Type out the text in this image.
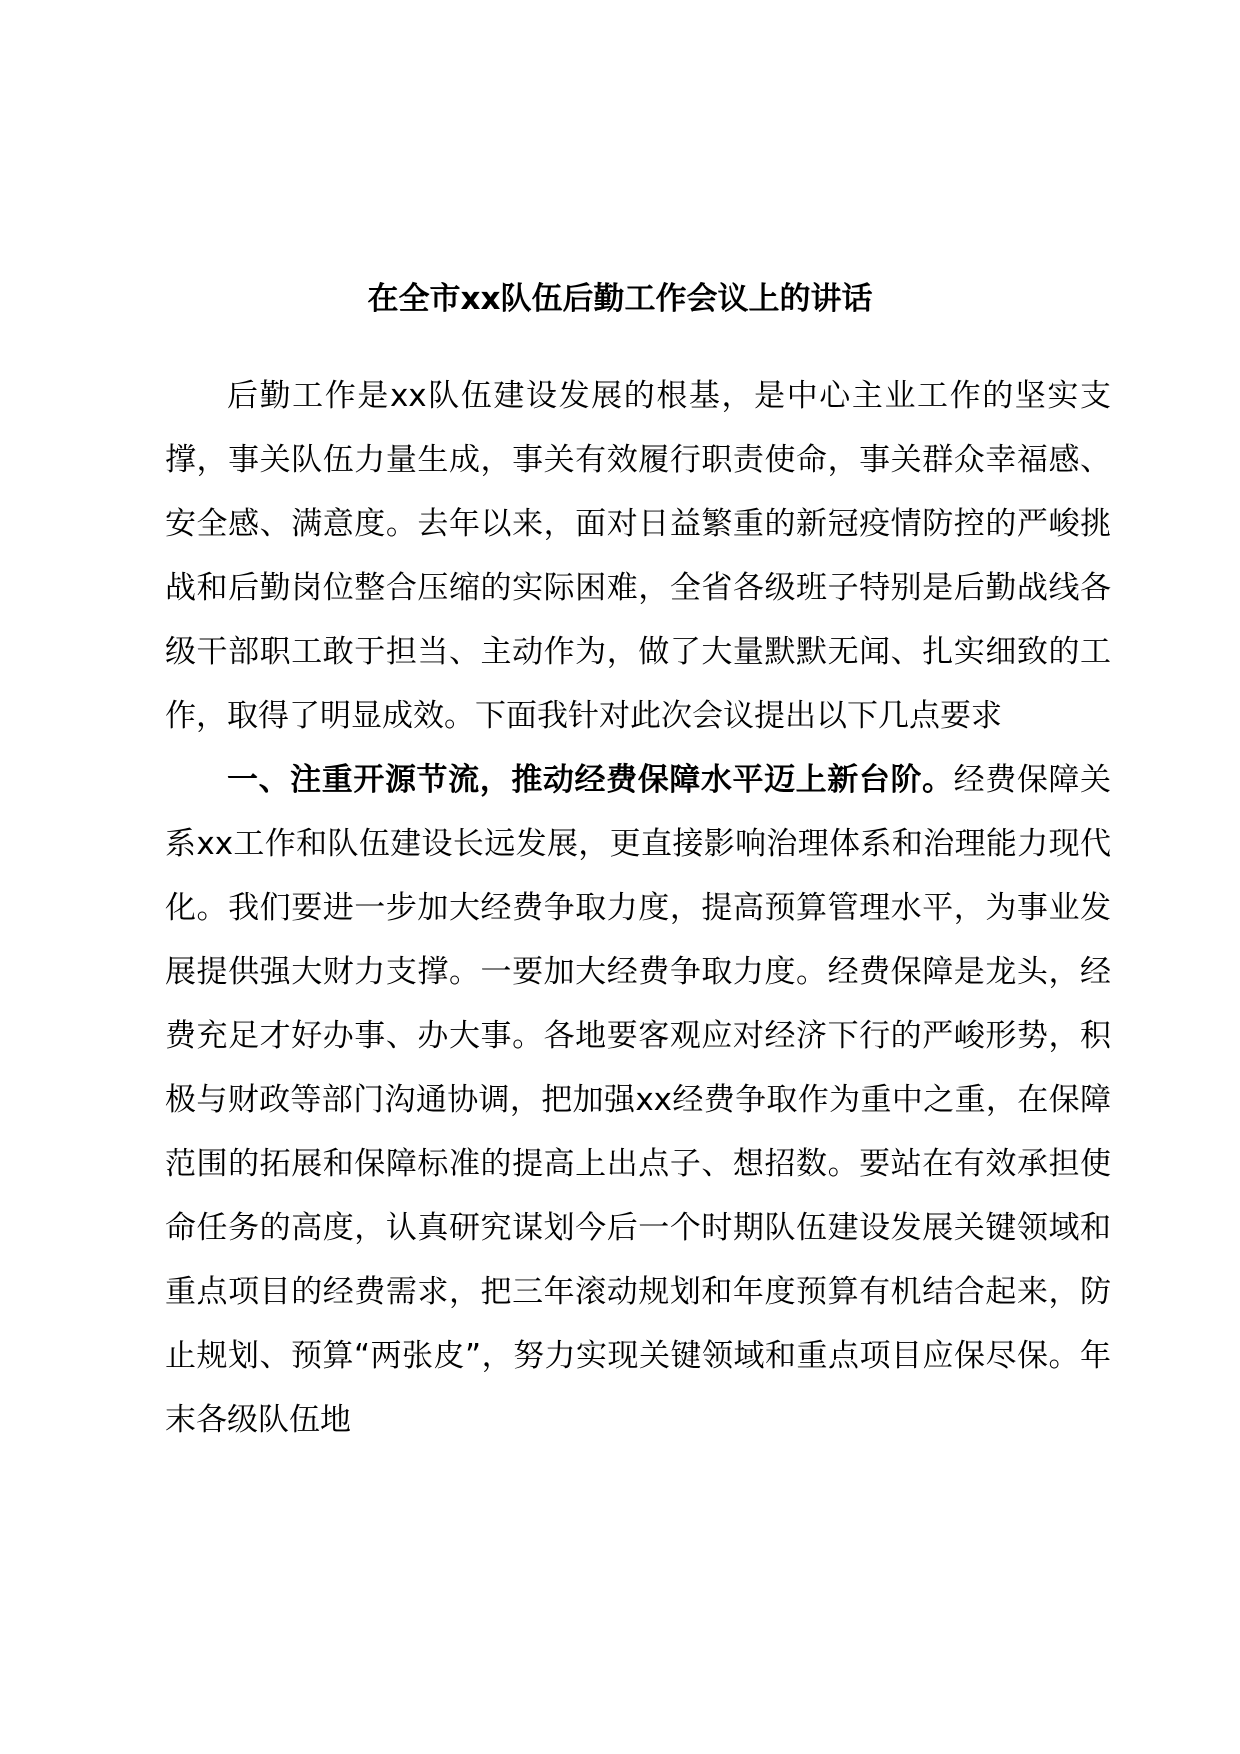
在全市xx队伍后勤工作会议上的讲话

后勤工作是xx队伍建设发展的根基，是中心主业工作的坚实支撑，事关队伍力量生成，事关有效履行职责使命，事关群众幸福感、安全感、满意度。去年以来，面对日益繁重的新冠疫情防控的严峻挑战和后勤岗位整合压缩的实际困难，全省各级班子特别是后勤战线各级干部职工敢于担当、主动作为，做了大量默默无闻、扎实细致的工作，取得了明显成效。下面我针对此次会议提出以下几点要求

一、注重开源节流，推动经费保障水平迈上新台阶。经费保障关系xx工作和队伍建设长远发展，更直接影响治理体系和治理能力现代化。我们要进一步加大经费争取力度，提高预算管理水平，为事业发展提供强大财力支撑。一要加大经费争取力度。经费保障是龙头，经费充足才好办事、办大事。各地要客观应对经济下行的严峻形势，积极与财政等部门沟通协调，把加强xx经费争取作为重中之重，在保障范围的拓展和保障标准的提高上出点子、想招数。要站在有效承担使命任务的高度，认真研究谋划今后一个时期队伍建设发展关键领域和重点项目的经费需求，把三年滚动规划和年度预算有机结合起来，防止规划、预算“两张皮”，努力实现关键领域和重点项目应保尽保。年末各级队伍地
